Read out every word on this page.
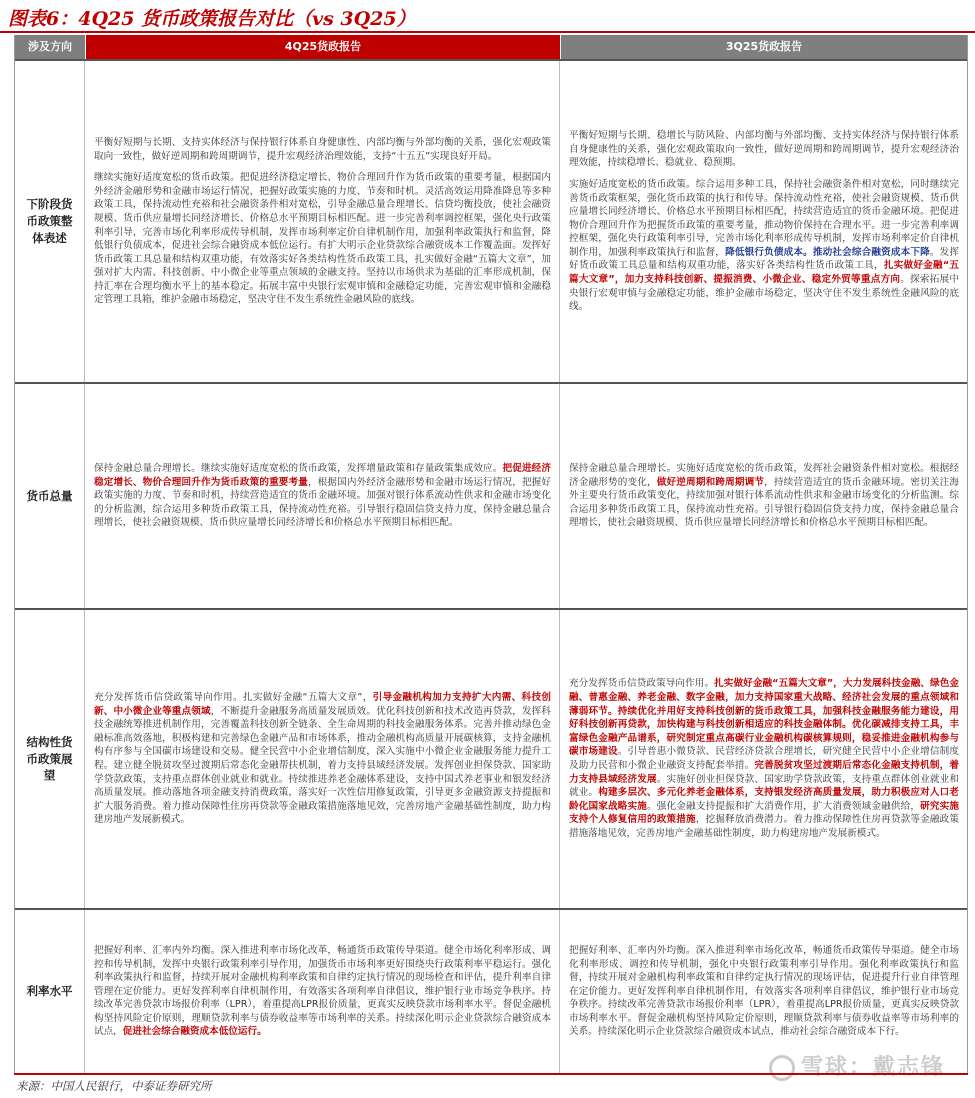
图表6：4Q25 货币政策报告对比（vs 3Q25）
涉及方向	4Q25货政报告	3Q25货政报告
下阶段货币政策整体表述
平衡好短期与长期、支持实体经济与保持银行体系自身健康性、内部均衡与外部均衡的关系，强化宏观政策取向一致性，做好逆周期和跨周期调节，提升宏观经济治理效能，支持“十五五”实现良好开局。
继续实施好适度宽松的货币政策。把促进经济稳定增长、物价合理回升作为货币政策的重要考量，根据国内外经济金融形势和金融市场运行情况，把握好政策实施的力度、节奏和时机。灵活高效运用降准降息等多种政策工具，保持流动性充裕和社会融资条件相对宽松，引导金融总量合理增长、信贷均衡投放，使社会融资规模、货币供应量增长同经济增长、价格总水平预期目标相匹配。进一步完善利率调控框架，强化央行政策利率引导，完善市场化利率形成传导机制，发挥市场利率定价自律机制作用，加强利率政策执行和监督，降低银行负债成本，促进社会综合融资成本低位运行。有扩大明示企业贷款综合融资成本工作覆盖面。发挥好货币政策工具总量和结构双重功能，有效落实好各类结构性货币政策工具，扎实做好金融“五篇大文章”，加强对扩大内需、科技创新、中小微企业等重点领域的金融支持。坚持以市场供求为基础的汇率形成机制，保持汇率在合理均衡水平上的基本稳定。拓展丰富中央银行宏观审慎和金融稳定功能，完善宏观审慎和金融稳定管理工具箱，维护金融市场稳定，坚决守住不发生系统性金融风险的底线。
平衡好短期与长期、稳增长与防风险、内部均衡与外部均衡、支持实体经济与保持银行体系自身健康性的关系，强化宏观政策取向一致性，做好逆周期和跨周期调节，提升宏观经济治理效能，持续稳增长、稳就业、稳预期。
实施好适度宽松的货币政策。综合运用多种工具，保持社会融资条件相对宽松，同时继续完善货币政策框架，强化货币政策的执行和传导。保持流动性充裕，使社会融资规模、货币供应量增长同经济增长、价格总水平预期目标相匹配，持续营造适宜的货币金融环境。把促进物价合理回升作为把握货币政策的重要考量，推动物价保持在合理水平。进一步完善利率调控框架，强化央行政策利率引导，完善市场化利率形成传导机制，发挥市场利率定价自律机制作用，加强利率政策执行和监督，降低银行负债成本。推动社会综合融资成本下降。发挥好货币政策工具总量和结构双重功能，落实好各类结构性货币政策工具，扎实做好金融“五篇大文章”，加力支持科技创新、提振消费、小微企业、稳定外贸等重点方向。探索拓展中央银行宏观审慎与金融稳定功能，维护金融市场稳定，坚决守住不发生系统性金融风险的底线。
货币总量
保持金融总量合理增长。继续实施好适度宽松的货币政策，发挥增量政策和存量政策集成效应。把促进经济稳定增长、物价合理回升作为货币政策的重要考量，根据国内外经济金融形势和金融市场运行情况，把握好政策实施的力度、节奏和时机，持续营造适宜的货币金融环境。加强对银行体系流动性供求和金融市场变化的分析监测，综合运用多种货币政策工具，保持流动性充裕。引导银行稳固信贷支持力度，保持金融总量合理增长，使社会融资规模、货币供应量增长同经济增长和价格总水平预期目标相匹配。
保持金融总量合理增长。实施好适度宽松的货币政策，发挥社会融资条件相对宽松。根据经济金融形势的变化，做好逆周期和跨周期调节，持续营造适宜的货币金融环境。密切关注海外主要央行货币政策变化，持续加强对银行体系流动性供求和金融市场变化的分析监测。综合运用多种货币政策工具，保持流动性充裕。引导银行稳固信贷支持力度，保持金融总量合理增长，使社会融资规模、货币供应量增长同经济增长和价格总水平预期目标相匹配。
结构性货币政策展望
充分发挥货币信贷政策导向作用。扎实做好金融“五篇大文章”，引导金融机构加力支持扩大内需、科技创新、中小微企业等重点领域，不断提升金融服务高质量发展质效。优化科技创新和技术改造再贷款，发挥科技金融统筹推进机制作用，完善覆盖科技创新全链条、全生命周期的科技金融服务体系。完善并推动绿色金融标准高效落地，积极构建和完善绿色金融产品和市场体系，推动金融机构高质量开展碳核算，支持金融机构有序参与全国碳市场建设和交易。健全民营中小企业增信制度，深入实施中小微企业金融服务能力提升工程。建立健全脱贫攻坚过渡期后常态化金融帮扶机制，着力支持县域经济发展。发挥创业担保贷款、国家助学贷款政策，支持重点群体创业就业和就业。持续推进养老金融体系建设，支持中国式养老事业和银发经济高质量发展。推动落地各项金融支持消费政策，落实好一次性信用修复政策，引导更多金融资源支持提振和扩大服务消费。着力推动保障性住房再贷款等金融政策措施落地见效，完善房地产金融基础性制度，助力构建房地产发展新模式。
充分发挥货币信贷政策导向作用。扎实做好金融“五篇大文章”，大力发展科技金融、绿色金融、普惠金融、养老金融、数字金融，加力支持国家重大战略、经济社会发展的重点领域和薄弱环节。持续优化并用好支持科技创新的货币政策工具，加强科技金融服务能力建设，用好科技创新再贷款，加快构建与科技创新相适应的科技金融体制。优化碳减排支持工具，丰富绿色金融产品谱系，研究制定重点高碳行业金融机构碳核算规则，稳妥推进金融机构参与碳市场建设。引导普惠小微贷款、民营经济贷款合理增长，研究健全民营中小企业增信制度及助力民营和小微企业融资支持配套举措。完善脱贫攻坚过渡期后常态化金融支持机制，着力支持县域经济发展。实施好创业担保贷款、国家助学贷款政策，支持重点群体创业就业和就业。构建多层次、多元化养老金融体系，支持银发经济高质量发展，助力积极应对人口老龄化国家战略实施。强化金融支持提振和扩大消费作用，扩大消费领域金融供给，研究实施支持个人修复信用的政策措施，挖掘释放消费潜力。着力推动保障性住房再贷款等金融政策措施落地见效，完善房地产金融基础性制度，助力构建房地产发展新模式。
利率水平
把握好利率、汇率内外均衡。深入推进利率市场化改革，畅通货币政策传导渠道。健全市场化利率形成、调控和传导机制，发挥中央银行政策利率引导作用，加强货币市场利率更好围绕央行政策利率平稳运行。强化利率政策执行和监督，持续开展对金融机构利率政策和自律约定执行情况的现场检查和评估，提升利率自律管理在定价能力。更好发挥利率自律机制作用，有效落实各项利率自律倡议，维护银行业市场竞争秩序。持续改革完善贷款市场报价利率（LPR），着重提高LPR报价质量，更真实反映贷款市场利率水平。督促金融机构坚持风险定价原则，理顺贷款利率与债券收益率等市场利率的关系。持续深化明示企业贷款综合融资成本试点，促进社会综合融资成本低位运行。
把握好利率、汇率内外均衡。深入推进利率市场化改革，畅通货币政策传导渠道。健全市场化利率形成、调控和传导机制，强化中央银行政策利率引导作用。强化利率政策执行和监督，持续开展对金融机构利率政策和自律约定执行情况的现场评估，促进提升行业自律管理在定价能力。更好发挥利率自律机制作用，有效落实各项利率自律倡议，维护银行业市场竞争秩序。持续改革完善贷款市场报价利率（LPR），着重提高LPR报价质量，更真实反映贷款市场利率水平。督促金融机构坚持风险定价原则，理顺贷款利率与债券收益率等市场利率的关系。持续深化明示企业贷款综合融资成本试点，推动社会综合融资成本下行。
雪球：戴志锋
来源：中国人民银行，中泰证券研究所
